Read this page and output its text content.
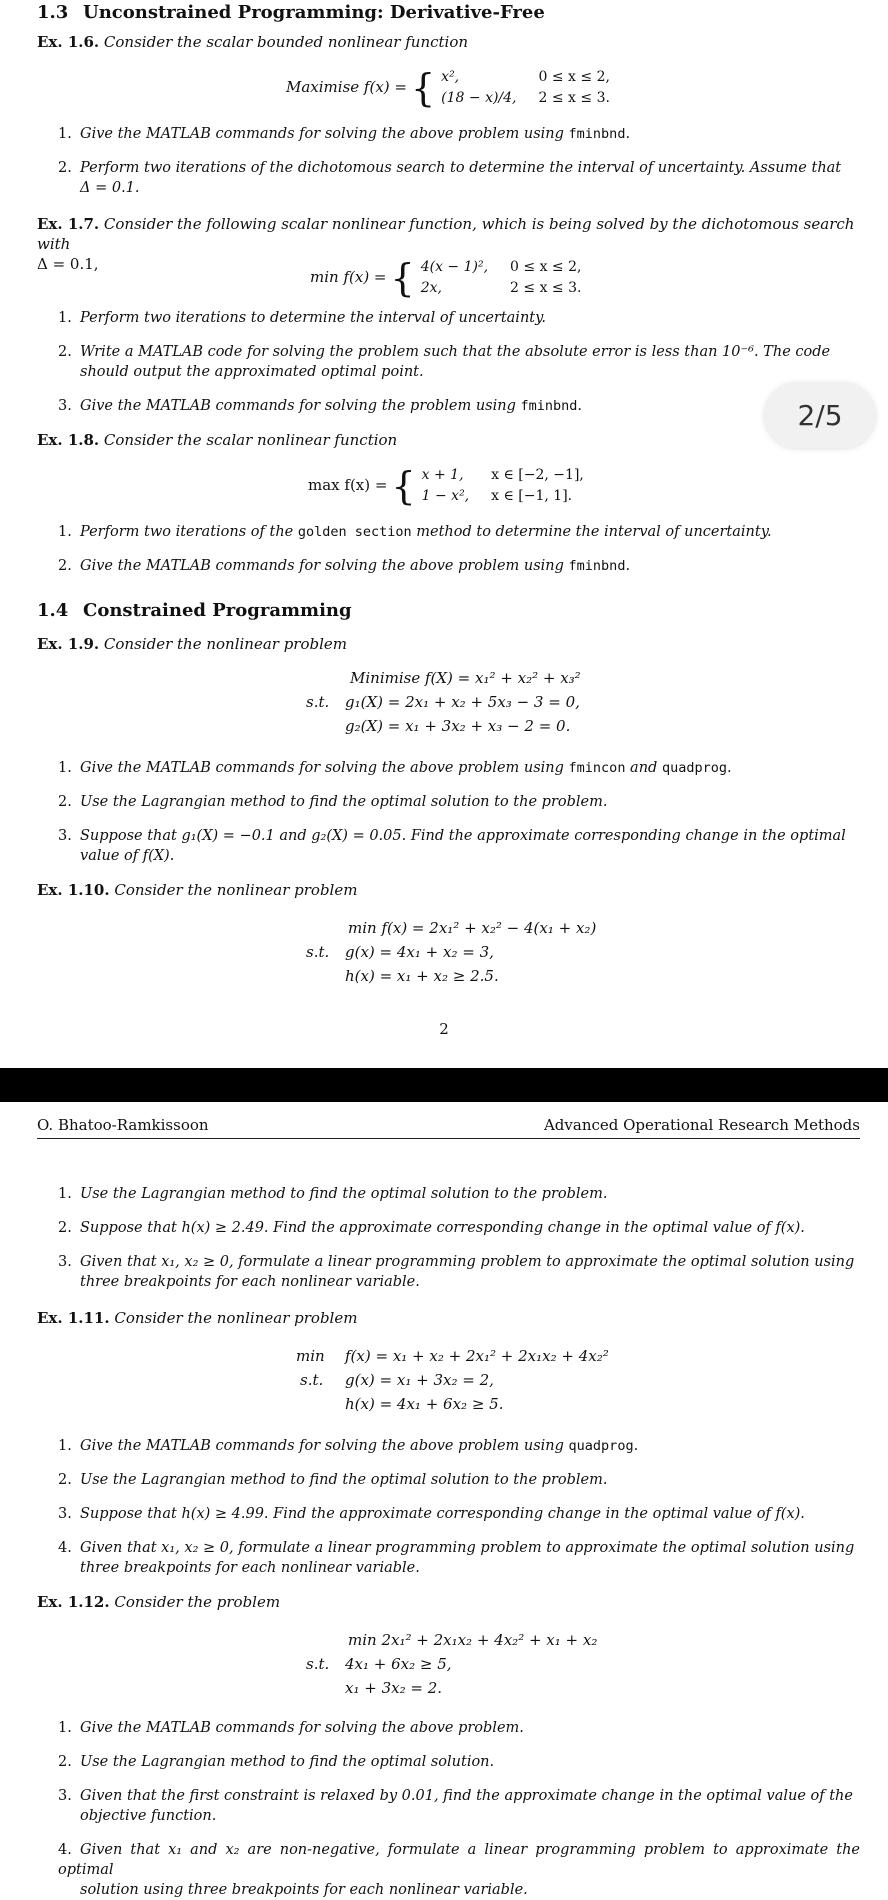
1.3 Unconstrained Programming: Derivative-Free
Ex. 1.6. Consider the scalar bounded nonlinear function
Maximise f(x) = { x²,	0 ≤ x ≤ 2,
(18 − x)/4,	2 ≤ x ≤ 3.
1. Give the MATLAB commands for solving the above problem using fminbnd.
2. Perform two iterations of the dichotomous search to determine the interval of uncertainty. Assume that
Δ = 0.1.
Ex. 1.7. Consider the following scalar nonlinear function, which is being solved by the dichotomous search with
Δ = 0.1,
min f(x) = { 4(x − 1)²,	0 ≤ x ≤ 2,
2x,	2 ≤ x ≤ 3.
1. Perform two iterations to determine the interval of uncertainty.
2. Write a MATLAB code for solving the problem such that the absolute error is less than 10⁻⁶. The code
should output the approximated optimal point.
3. Give the MATLAB commands for solving the problem using fminbnd.
Ex. 1.8. Consider the scalar nonlinear function
max f(x) = { x + 1,	x ∈ [−2, −1],
1 − x²,	x ∈ [−1, 1].
1. Perform two iterations of the golden section method to determine the interval of uncertainty.
2. Give the MATLAB commands for solving the above problem using fminbnd.
1.4 Constrained Programming
Ex. 1.9. Consider the nonlinear problem
Minimise f(X) = x₁² + x₂² + x₃²
s.t. g₁(X) = 2x₁ + x₂ + 5x₃ − 3 = 0,
g₂(X) = x₁ + 3x₂ + x₃ − 2 = 0.
1. Give the MATLAB commands for solving the above problem using fmincon and quadprog.
2. Use the Lagrangian method to find the optimal solution to the problem.
3. Suppose that g₁(X) = −0.1 and g₂(X) = 0.05. Find the approximate corresponding change in the optimal
value of f(X).
Ex. 1.10. Consider the nonlinear problem
min f(x) = 2x₁² + x₂² − 4(x₁ + x₂)
s.t. g(x) = 4x₁ + x₂ = 3,
h(x) = x₁ + x₂ ≥ 2.5.
2
2/5
O. Bhatoo-Ramkissoon	Advanced Operational Research Methods
1. Use the Lagrangian method to find the optimal solution to the problem.
2. Suppose that h(x) ≥ 2.49. Find the approximate corresponding change in the optimal value of f(x).
3. Given that x₁, x₂ ≥ 0, formulate a linear programming problem to approximate the optimal solution using
three breakpoints for each nonlinear variable.
Ex. 1.11. Consider the nonlinear problem
min f(x) = x₁ + x₂ + 2x₁² + 2x₁x₂ + 4x₂²
s.t. g(x) = x₁ + 3x₂ = 2,
h(x) = 4x₁ + 6x₂ ≥ 5.
1. Give the MATLAB commands for solving the above problem using quadprog.
2. Use the Lagrangian method to find the optimal solution to the problem.
3. Suppose that h(x) ≥ 4.99. Find the approximate corresponding change in the optimal value of f(x).
4. Given that x₁, x₂ ≥ 0, formulate a linear programming problem to approximate the optimal solution using
three breakpoints for each nonlinear variable.
Ex. 1.12. Consider the problem
min 2x₁² + 2x₁x₂ + 4x₂² + x₁ + x₂
s.t. 4x₁ + 6x₂ ≥ 5,
x₁ + 3x₂ = 2.
1. Give the MATLAB commands for solving the above problem.
2. Use the Lagrangian method to find the optimal solution.
3. Given that the first constraint is relaxed by 0.01, find the approximate change in the optimal value of the
objective function.
4. Given that x₁ and x₂ are non-negative, formulate a linear programming problem to approximate the optimal
solution using three breakpoints for each nonlinear variable.
